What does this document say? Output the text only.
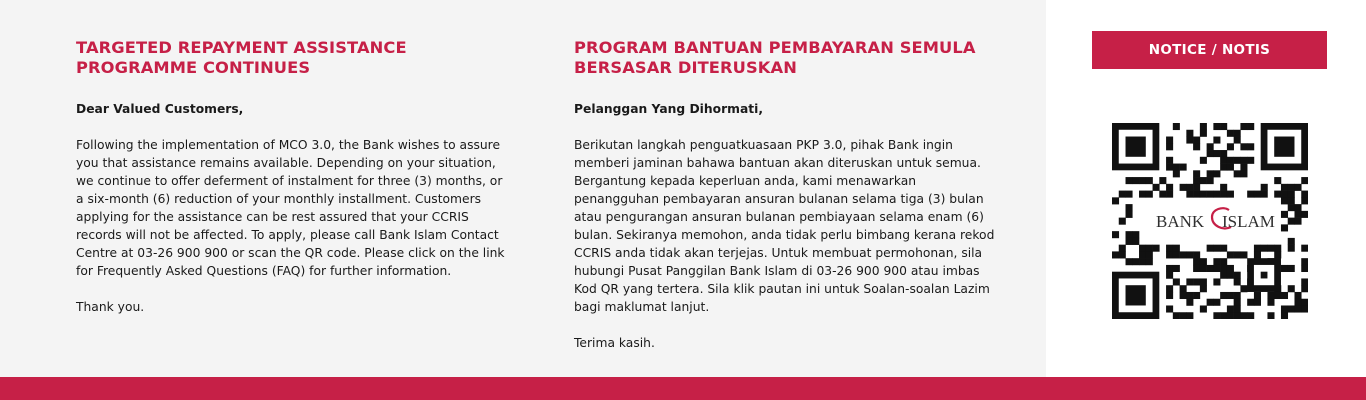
TARGETED REPAYMENT ASSISTANCE
PROGRAMME CONTINUES

Dear Valued Customers,

Following the implementation of MCO 3.0, the Bank wishes to assure
you that assistance remains available. Depending on your situation,
we continue to offer deferment of instalment for three (3) months, or
a six-month (6) reduction of your monthly installment. Customers
applying for the assistance can be rest assured that your CCRIS
records will not be affected. To apply, please call Bank Islam Contact
Centre at 03-26 900 900 or scan the QR code. Please click on the link
for Frequently Asked Questions (FAQ) for further information.

Thank you.

PROGRAM BANTUAN PEMBAYARAN SEMULA
BERSASAR DITERUSKAN

Pelanggan Yang Dihormati,

Berikutan langkah penguatkuasaan PKP 3.0, pihak Bank ingin
memberi jaminan bahawa bantuan akan diteruskan untuk semua.
Bergantung kepada keperluan anda, kami menawarkan
penangguhan pembayaran ansuran bulanan selama tiga (3) bulan
atau pengurangan ansuran bulanan pembiayaan selama enam (6)
bulan. Sekiranya memohon, anda tidak perlu bimbang kerana rekod
CCRIS anda tidak akan terjejas. Untuk membuat permohonan, sila
hubungi Pusat Panggilan Bank Islam di 03-26 900 900 atau imbas
Kod QR yang tertera. Sila klik pautan ini untuk Soalan-soalan Lazim
bagi maklumat lanjut.

Terima kasih.

NOTICE / NOTIS
BANK ISLAM
